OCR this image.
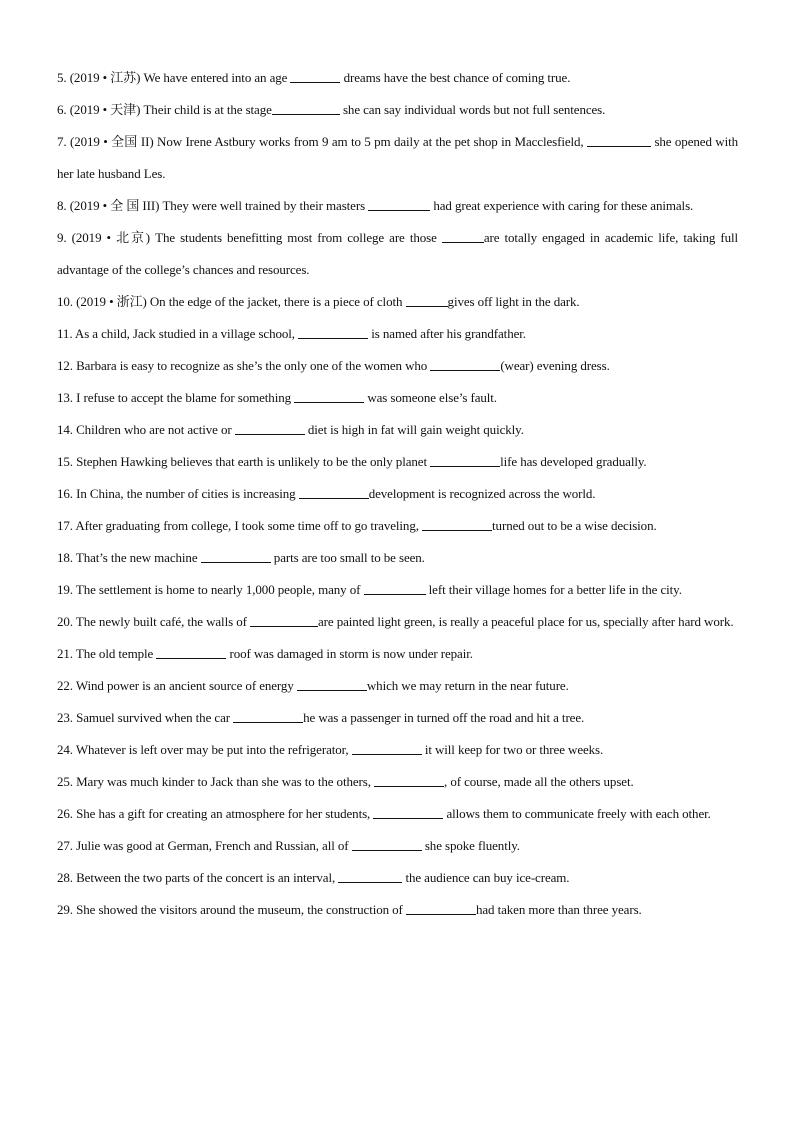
5. (2019 • 江苏) We have entered into an age	dreams have the best chance of coming true.

6. (2019 • 天津) Their child is at the stage	she can say individual words but not full sentences.

7. (2019 • 全国 II) Now Irene Astbury works from 9 am to 5 pm daily at the pet shop in Macclesfield,	she opened with her late husband Les.

8. (2019 • 全 国 III) They were well trained by their masters	had great experience with caring for these animals.

9. (2019 • 北京) The students benefitting most from college are those	are totally engaged in academic life, taking full advantage of the college’s chances and resources.

10. (2019 • 浙江) On the edge of the jacket, there is a piece of cloth	gives off light in the dark.

11. As a child, Jack studied in a village school,	is named after his grandfather.

12. Barbara is easy to recognize as she’s the only one of the women who	(wear) evening dress.

13. I refuse to accept the blame for something	was someone else’s fault.

14. Children who are not active or	diet is high in fat will gain weight quickly.

15. Stephen Hawking believes that earth is unlikely to be the only planet	life has developed gradually.

16. In China, the number of cities is increasing	development is recognized across the world.

17. After graduating from college, I took some time off to go traveling,	turned out to be a wise decision.

18. That’s the new machine	parts are too small to be seen.

19. The settlement is home to nearly 1,000 people, many of	left their village homes for a better life in the city.

20. The newly built café, the walls of	are painted light green, is really a peaceful place for us, specially after hard work.

21. The old temple	roof was damaged in storm is now under repair.

22. Wind power is an ancient source of energy	which we may return in the near future.

23. Samuel survived when the car	he was a passenger in turned off the road and hit a tree.

24. Whatever is left over may be put into the refrigerator,	it will keep for two or three weeks.

25. Mary was much kinder to Jack than she was to the others,	, of course, made all the others upset.

26. She has a gift for creating an atmosphere for her students,	allows them to communicate freely with each other.

27. Julie was good at German, French and Russian, all of	she spoke fluently.

28. Between the two parts of the concert is an interval,	the audience can buy ice-cream.

29. She showed the visitors around the museum, the construction of	had taken more than three years.
